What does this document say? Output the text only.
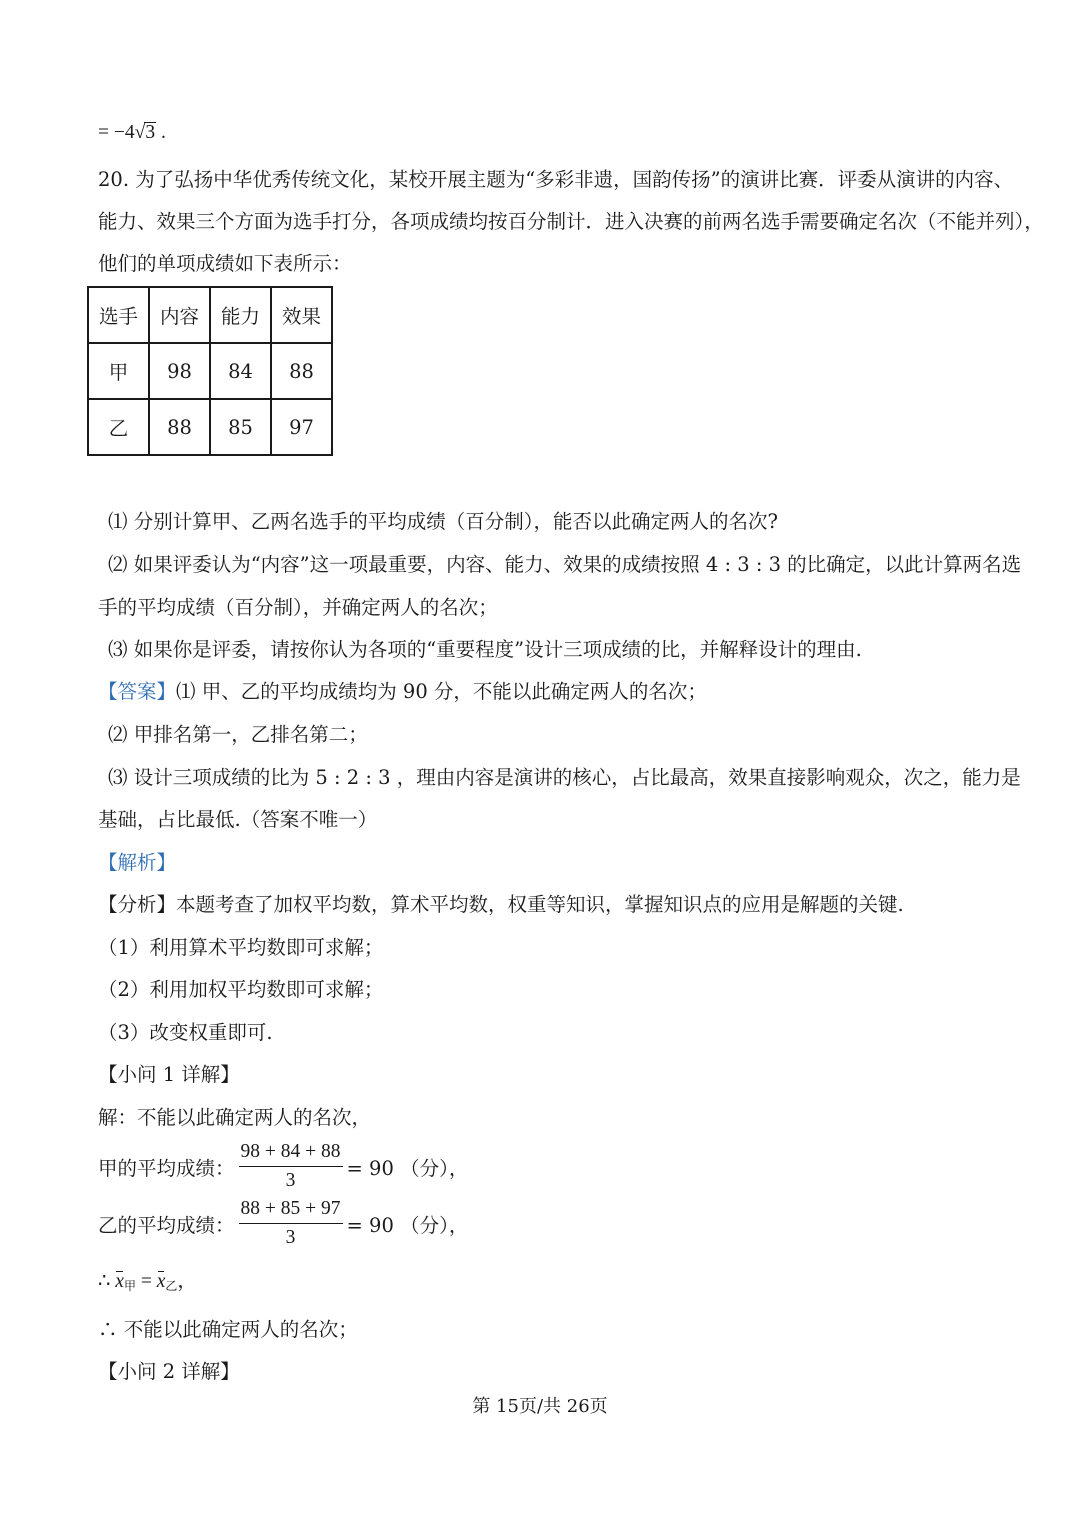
= −4√3 .
20. 为了弘扬中华优秀传统文化，某校开展主题为“多彩非遗，国韵传扬”的演讲比赛．评委从演讲的内容、
能力、效果三个方面为选手打分，各项成绩均按百分制计．进入决赛的前两名选手需要确定名次（不能并列），
他们的单项成绩如下表所示：
选手	内容	能力	效果
甲	98	84	88
乙	88	85	97
⑴ 分别计算甲、乙两名选手的平均成绩（百分制），能否以此确定两人的名次?
⑵ 如果评委认为“内容”这一项最重要，内容、能力、效果的成绩按照 4 : 3 : 3 的比确定，以此计算两名选
手的平均成绩（百分制），并确定两人的名次；
⑶ 如果你是评委，请按你认为各项的“重要程度”设计三项成绩的比，并解释设计的理由.
【答案】⑴ 甲、乙的平均成绩均为 90 分，不能以此确定两人的名次；
⑵ 甲排名第一，乙排名第二；
⑶ 设计三项成绩的比为 5 : 2 : 3 ，理由内容是演讲的核心，占比最高，效果直接影响观众，次之，能力是
基础，占比最低.（答案不唯一）
【解析】
【分析】本题考查了加权平均数，算术平均数，权重等知识，掌握知识点的应用是解题的关键.
（1）利用算术平均数即可求解；
（2）利用加权平均数即可求解；
（3）改变权重即可.
【小问 1 详解】
解：不能以此确定两人的名次，
甲的平均成绩： $\frac{98 + 84 + 88}{3} = 90$ （分），
乙的平均成绩： $\frac{88 + 85 + 97}{3} = 90$ （分），
∴ $x_甲 = x_乙$，
∴ 不能以此确定两人的名次；
【小问 2 详解】
第 15页/共 26页
